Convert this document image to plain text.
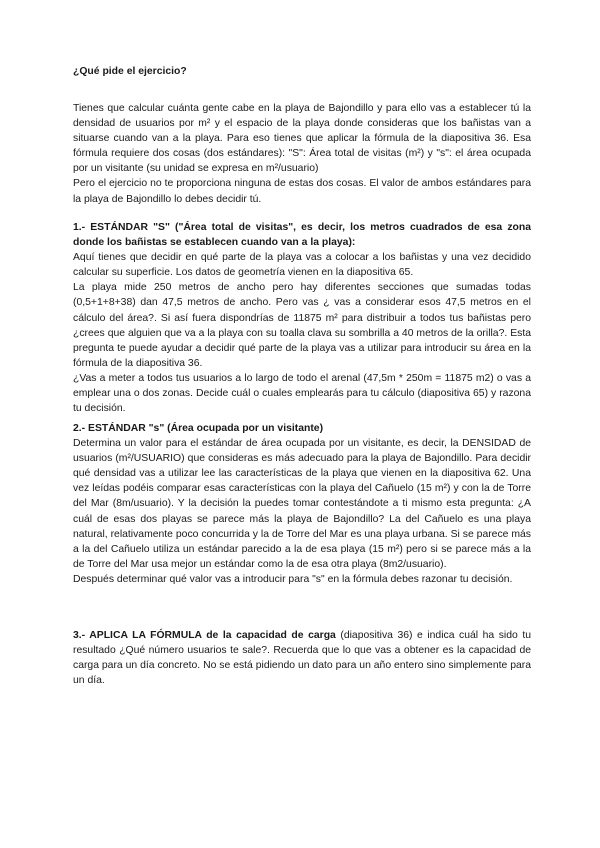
¿Qué pide el ejercicio?

Tienes que calcular cuánta gente cabe en la playa de Bajondillo y para ello vas a establecer tú la densidad de usuarios por m² y el espacio de la playa donde consideras que los bañistas van a situarse cuando van a la playa. Para eso tienes que aplicar la fórmula de la diapositiva 36. Esa fórmula requiere dos cosas (dos estándares): "S": Área total de visitas (m²) y "s": el área ocupada por un visitante (su unidad se expresa en m²/usuario)

Pero el ejercicio no te proporciona ninguna de estas dos cosas. El valor de ambos estándares para la playa de Bajondillo lo debes decidir tú.

1.- ESTÁNDAR "S" ("Área total de visitas", es decir, los metros cuadrados de esa zona donde los bañistas se establecen cuando van a la playa):

Aquí tienes que decidir en qué parte de la playa vas a colocar a los bañistas y una vez decidido calcular su superficie. Los datos de geometría vienen en la diapositiva 65.

La playa mide 250 metros de ancho pero hay diferentes secciones que sumadas todas (0,5+1+8+38) dan 47,5 metros de ancho. Pero vas ¿ vas a considerar esos 47,5 metros en el cálculo del área?. Si así fuera dispondrías de 11875 m² para distribuir a todos tus bañistas pero ¿crees que alguien que va a la playa con su toalla clava su sombrilla a 40 metros de la orilla?. Esta pregunta te puede ayudar a decidir qué parte de la playa vas a utilizar para introducir su área en la fórmula de la diapositiva 36.

¿Vas a meter a todos tus usuarios a lo largo de todo el arenal (47,5m * 250m = 11875 m2) o vas a emplear una o dos zonas. Decide cuál o cuales emplearás para tu cálculo (diapositiva 65) y razona tu decisión.

2.- ESTÁNDAR "s" (Área ocupada por un visitante)

Determina un valor para el estándar de área ocupada por un visitante, es decir, la DENSIDAD de usuarios (m²/USUARIO) que consideras es más adecuado para la playa de Bajondillo. Para decidir qué densidad vas a utilizar lee las características de la playa que vienen en la diapositiva 62. Una vez leídas podéis comparar esas características con la playa del Cañuelo (15 m²) y con la de Torre del Mar (8m/usuario). Y la decisión la puedes tomar contestándote a ti mismo esta pregunta: ¿A cuál de esas dos playas se parece más la playa de Bajondillo? La del Cañuelo es una playa natural, relativamente poco concurrida y la de Torre del Mar es una playa urbana. Si se parece más a la del Cañuelo utiliza un estándar parecido a la de esa playa (15 m²) pero si se parece más a la de Torre del Mar usa mejor un estándar como la de esa otra playa (8m2/usuario).

Después determinar qué valor vas a introducir para "s" en la fórmula debes razonar tu decisión.

3.- APLICA LA FÓRMULA de la capacidad de carga (diapositiva 36) e indica cuál ha sido tu resultado ¿Qué número usuarios te sale?. Recuerda que lo que vas a obtener es la capacidad de carga para un día concreto. No se está pidiendo un dato para un año entero sino simplemente para un día.
